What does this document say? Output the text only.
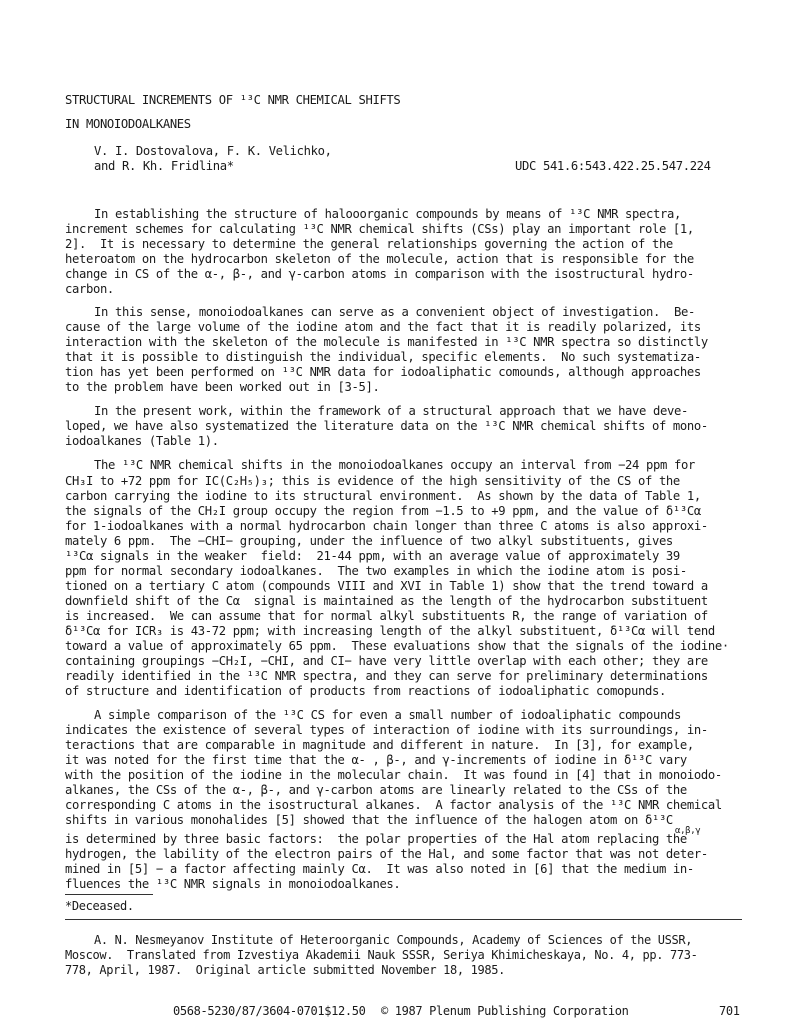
STRUCTURAL INCREMENTS OF ¹³C NMR CHEMICAL SHIFTS
IN MONOIODOALKANES
V. I. Dostovalova, F. K. Velichko,
and R. Kh. Fridlina*	UDC 541.6:543.422.25.547.224
In establishing the structure of halooorganic compounds by means of ¹³C NMR spectra,
increment schemes for calculating ¹³C NMR chemical shifts (CSs) play an important role [1,
2].  It is necessary to determine the general relationships governing the action of the
heteroatom on the hydrocarbon skeleton of the molecule, action that is responsible for the
change in CS of the α-, β-, and γ-carbon atoms in comparison with the isostructural hydro-
carbon.
In this sense, monoiodoalkanes can serve as a convenient object of investigation.  Be-
cause of the large volume of the iodine atom and the fact that it is readily polarized, its
interaction with the skeleton of the molecule is manifested in ¹³C NMR spectra so distinctly
that it is possible to distinguish the individual, specific elements.  No such systematiza-
tion has yet been performed on ¹³C NMR data for iodoaliphatic comounds, although approaches
to the problem have been worked out in [3-5].
In the present work, within the framework of a structural approach that we have deve-
loped, we have also systematized the literature data on the ¹³C NMR chemical shifts of mono-
iodoalkanes (Table 1).
The ¹³C NMR chemical shifts in the monoiodoalkanes occupy an interval from −24 ppm for
CH₃I to +72 ppm for IC(C₂H₅)₃; this is evidence of the high sensitivity of the CS of the
carbon carrying the iodine to its structural environment.  As shown by the data of Table 1,
the signals of the CH₂I group occupy the region from −1.5 to +9 ppm, and the value of δ¹³Cα
for 1-iodoalkanes with a normal hydrocarbon chain longer than three C atoms is also approxi-
mately 6 ppm.  The −CHI− grouping, under the influence of two alkyl substituents, gives
¹³Cα signals in the weaker  field:  21-44 ppm, with an average value of approximately 39
ppm for normal secondary iodoalkanes.  The two examples in which the iodine atom is posi-
tioned on a tertiary C atom (compounds VIII and XVI in Table 1) show that the trend toward a
downfield shift of the Cα  signal is maintained as the length of the hydrocarbon substituent
is increased.  We can assume that for normal alkyl substituents R, the range of variation of
δ¹³Cα for ICR₃ is 43-72 ppm; with increasing length of the alkyl substituent, δ¹³Cα will tend
toward a value of approximately 65 ppm.  These evaluations show that the signals of the iodine·
containing groupings −CH₂I, −CHI, and CI− have very little overlap with each other; they are
readily identified in the ¹³C NMR spectra, and they can serve for preliminary determinations
of structure and identification of products from reactions of iodoaliphatic comopunds.
A simple comparison of the ¹³C CS for even a small number of iodoaliphatic compounds
indicates the existence of several types of interaction of iodine with its surroundings, in-
teractions that are comparable in magnitude and different in nature.  In [3], for example,
it was noted for the first time that the α- , β-, and γ-increments of iodine in δ¹³C vary
with the position of the iodine in the molecular chain.  It was found in [4] that in monoiodo-
alkanes, the CSs of the α-, β-, and γ-carbon atoms are linearly related to the CSs of the
corresponding C atoms in the isostructural alkanes.  A factor analysis of the ¹³C NMR chemical
shifts in various monohalides [5] showed that the influence of the halogen atom on δ¹³C
α,β,γ
is determined by three basic factors:  the polar properties of the Hal atom replacing the
hydrogen, the lability of the electron pairs of the Hal, and some factor that was not deter-
mined in [5] − a factor affecting mainly Cα.  It was also noted in [6] that the medium in-
fluences the ¹³C NMR signals in monoiodoalkanes.
*Deceased.
A. N. Nesmeyanov Institute of Heteroorganic Compounds, Academy of Sciences of the USSR,
Moscow.  Translated from Izvestiya Akademii Nauk SSSR, Seriya Khimicheskaya, No. 4, pp. 773-
778, April, 1987.  Original article submitted November 18, 1985.
0568-5230/87/3604-0701$12.50 © 1987 Plenum Publishing Corporation	701
